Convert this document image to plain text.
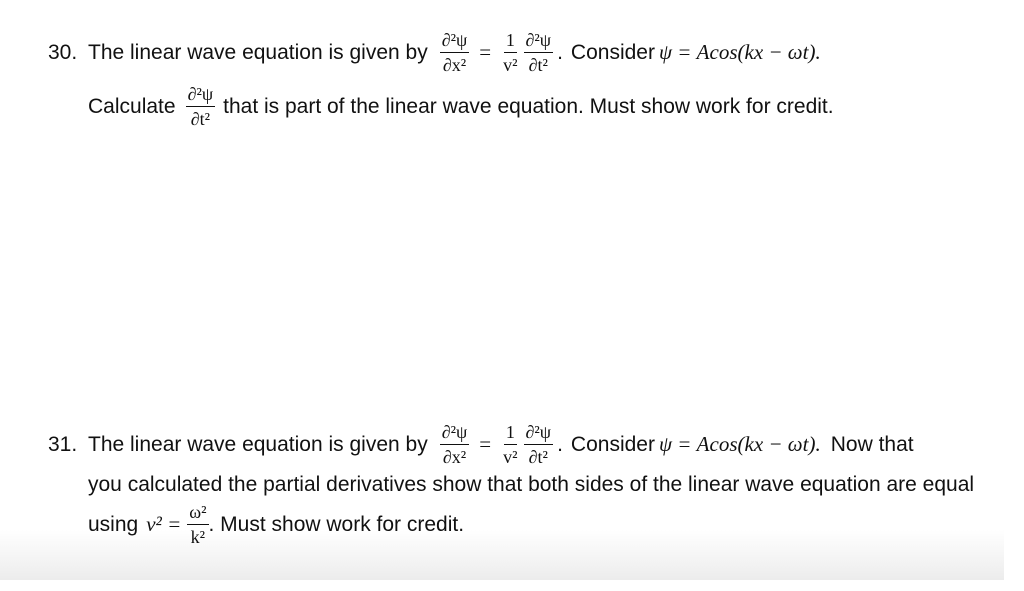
30. The linear wave equation is given by $\frac{\text{∂²ψ}}{\text{∂x²}} = \frac{1}{\text{v²}} \frac{\text{∂²ψ}}{\text{∂t²}}$ . Consider ψ = Acos(kx − ωt).
Calculate $\frac{\text{∂²ψ}}{\text{∂t²}}$ that is part of the linear wave equation. Must show work for credit.
31. The linear wave equation is given by $\frac{\text{∂²ψ}}{\text{∂x²}} = \frac{1}{\text{v²}} \frac{\text{∂²ψ}}{\text{∂t²}}$ . Consider ψ = Acos(kx − ωt). Now that
you calculated the partial derivatives show that both sides of the linear wave equation are equal
using $v^2 = \frac{\text{ω²}}{\text{k²}}$ . Must show work for credit.
